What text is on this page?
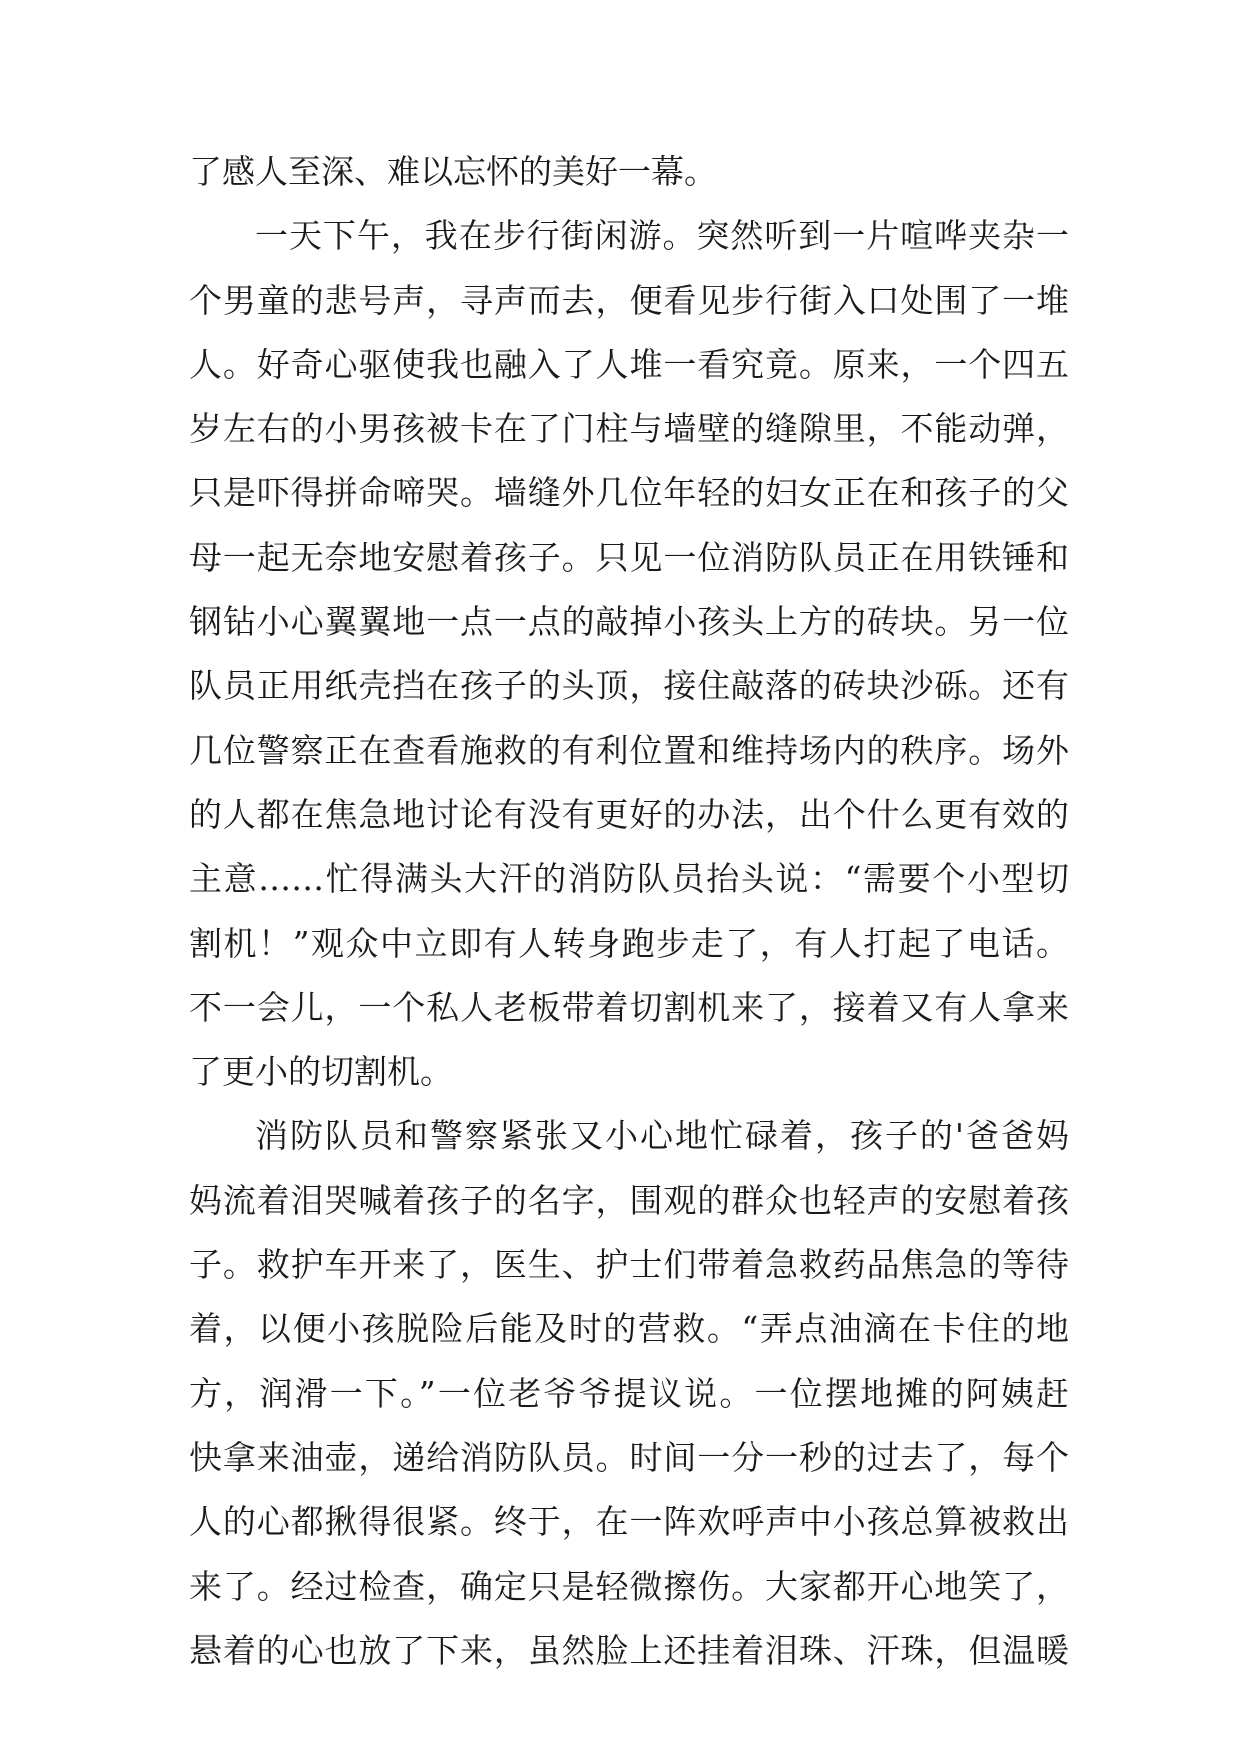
了感人至深、难以忘怀的美好一幕。
一天下午，我在步行街闲游。突然听到一片喧哗夹杂一
个男童的悲号声，寻声而去，便看见步行街入口处围了一堆
人。好奇心驱使我也融入了人堆一看究竟。原来，一个四五
岁左右的小男孩被卡在了门柱与墙壁的缝隙里，不能动弹，
只是吓得拼命啼哭。墙缝外几位年轻的妇女正在和孩子的父
母一起无奈地安慰着孩子。只见一位消防队员正在用铁锤和
钢钻小心翼翼地一点一点的敲掉小孩头上方的砖块。另一位
队员正用纸壳挡在孩子的头顶，接住敲落的砖块沙砾。还有
几位警察正在查看施救的有利位置和维持场内的秩序。场外
的人都在焦急地讨论有没有更好的办法，出个什么更有效的
主意……忙得满头大汗的消防队员抬头说：“需要个小型切
割机！”观众中立即有人转身跑步走了，有人打起了电话。
不一会儿，一个私人老板带着切割机来了，接着又有人拿来
了更小的切割机。
消防队员和警察紧张又小心地忙碌着，孩子的'爸爸妈
妈流着泪哭喊着孩子的名字，围观的群众也轻声的安慰着孩
子。救护车开来了，医生、护士们带着急救药品焦急的等待
着，以便小孩脱险后能及时的营救。“弄点油滴在卡住的地
方，润滑一下。”一位老爷爷提议说。一位摆地摊的阿姨赶
快拿来油壶，递给消防队员。时间一分一秒的过去了，每个
人的心都揪得很紧。终于，在一阵欢呼声中小孩总算被救出
来了。经过检查，确定只是轻微擦伤。大家都开心地笑了，
悬着的心也放了下来，虽然脸上还挂着泪珠、汗珠，但温暖
